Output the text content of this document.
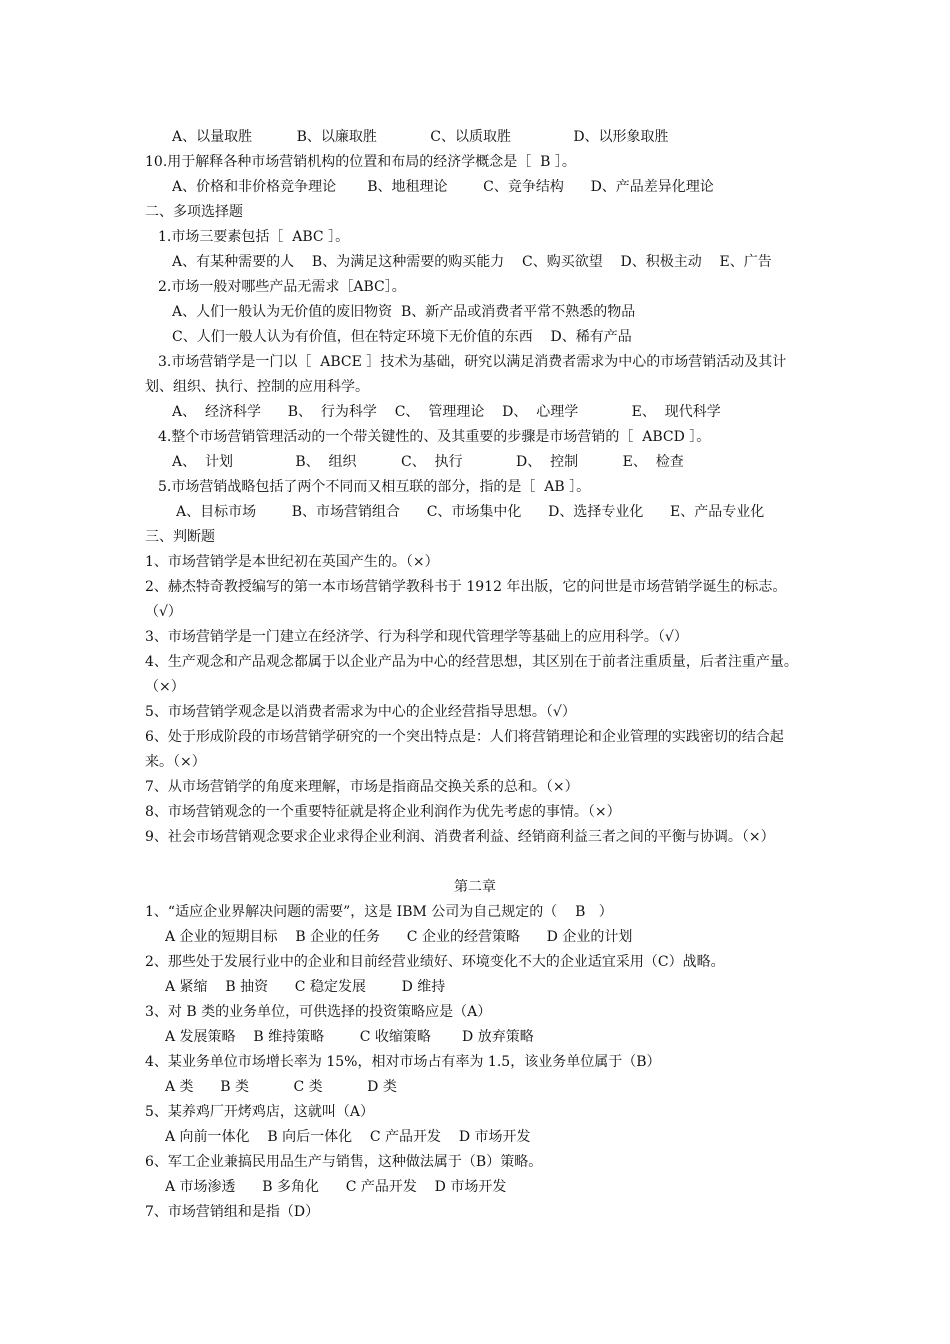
A、以量取胜          B、以廉取胜            C、以质取胜              D、以形象取胜
10.用于解释各种市场营销机构的位置和布局的经济学概念是［  B ］。
A、价格和非价格竞争理论       B、地租理论        C、竞争结构      D、产品差异化理论
二、多项选择题
1.市场三要素包括［  ABC ］。
A、有某种需要的人    B、为满足这种需要的购买能力    C、购买欲望    D、积极主动    E、广告
2.市场一般对哪些产品无需求［ABC］。
A、人们一般认为无价值的废旧物资  B、新产品或消费者平常不熟悉的物品
C、人们一般人认为有价值，但在特定环境下无价值的东西    D、稀有产品
3.市场营销学是一门以［  ABCE ］技术为基础，研究以满足消费者需求为中心的市场营销活动及其计
划、组织、执行、控制的应用科学。
A、  经济科学      B、  行为科学    C、  管理理论    D、  心理学            E、  现代科学
4.整个市场营销管理活动的一个带关键性的、及其重要的步骤是市场营销的［  ABCD ］。
A、  计划              B、  组织          C、  执行            D、  控制          E、  检查
5.市场营销战略包括了两个不同而又相互联的部分，指的是［  AB ］。
A、目标市场        B、市场营销组合      C、市场集中化      D、选择专业化      E、产品专业化
三、判断题
1、市场营销学是本世纪初在英国产生的。（×）
2、赫杰特奇教授编写的第一本市场营销学教科书于 1912 年出版，它的问世是市场营销学诞生的标志。
（√）
3、市场营销学是一门建立在经济学、行为科学和现代管理学等基础上的应用科学。（√）
4、生产观念和产品观念都属于以企业产品为中心的经营思想，其区别在于前者注重质量，后者注重产量。
（×）
5、市场营销学观念是以消费者需求为中心的企业经营指导思想。（√）
6、处于形成阶段的市场营销学研究的一个突出特点是：人们将营销理论和企业管理的实践密切的结合起
来。（×）
7、从市场营销学的角度来理解，市场是指商品交换关系的总和。（×）
8、市场营销观念的一个重要特征就是将企业利润作为优先考虑的事情。（×）
9、社会市场营销观念要求企业求得企业利润、消费者利益、经销商利益三者之间的平衡与协调。（×）
第二章
1、“适应企业界解决问题的需要”，这是 IBM 公司为自己规定的（    B   ）
A 企业的短期目标    B 企业的任务      C 企业的经营策略      D 企业的计划
2、那些处于发展行业中的企业和目前经营业绩好、环境变化不大的企业适宜采用（C）战略。
A 紧缩    B 抽资      C 稳定发展        D 维持
3、对 B 类的业务单位，可供选择的投资策略应是（A）
A 发展策略    B 维持策略        C 收缩策略       D 放弃策略
4、某业务单位市场增长率为 15%，相对市场占有率为 1.5，该业务单位属于（B）
A 类      B 类          C 类          D 类
5、某养鸡厂开烤鸡店，这就叫（A）
A 向前一体化    B 向后一体化    C 产品开发    D 市场开发
6、军工企业兼搞民用品生产与销售，这种做法属于（B）策略。
A 市场渗透      B 多角化      C 产品开发    D 市场开发
7、市场营销组和是指（D）
